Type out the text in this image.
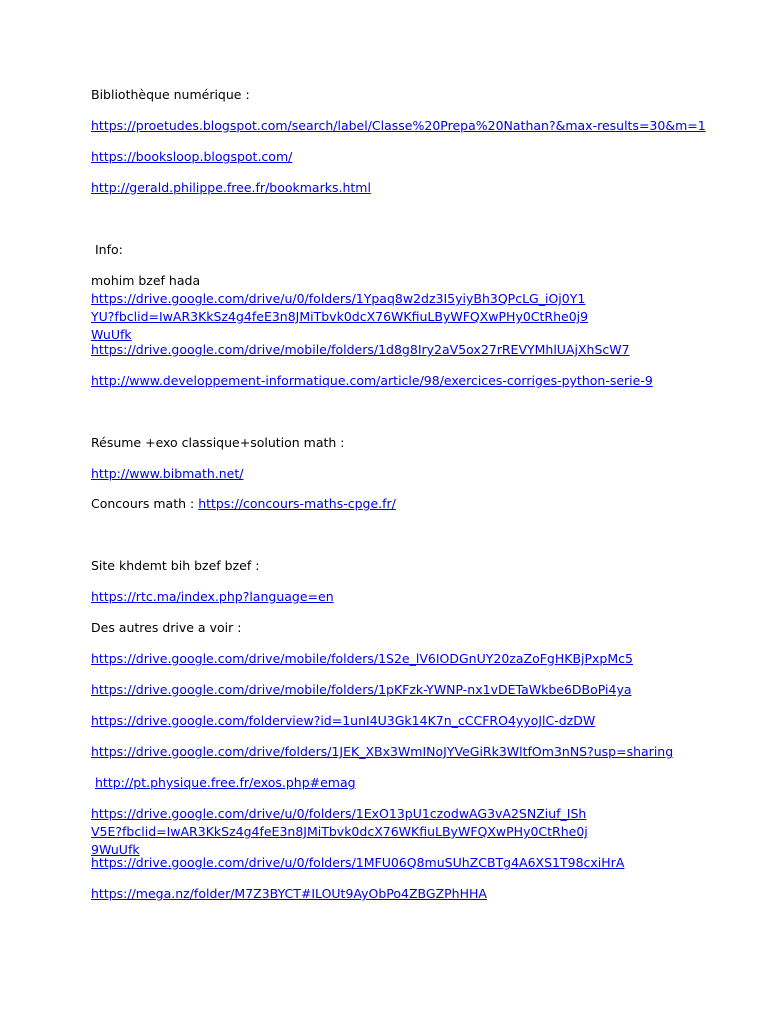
Bibliothèque numérique :
https://proetudes.blogspot.com/search/label/Classe%20Prepa%20Nathan?&max-results=30&m=1
https://booksloop.blogspot.com/
http://gerald.philippe.free.fr/bookmarks.html
Info:
mohim bzef hada
https://drive.google.com/drive/u/0/folders/1Ypaq8w2dz3I5yiyBh3QPcLG_iOj0Y1YU?fbclid=IwAR3KkSz4g4feE3n8JMiTbvk0dcX76WKfiuLByWFQXwPHy0CtRhe0j9WuUfk
https://drive.google.com/drive/mobile/folders/1d8g8Iry2aV5ox27rREVYMhlUAjXhScW7
http://www.developpement-informatique.com/article/98/exercices-corriges-python-serie-9
Résume +exo classique+solution math :
http://www.bibmath.net/
Concours math : https://concours-maths-cpge.fr/
Site khdemt bih bzef bzef :
https://rtc.ma/index.php?language=en
Des autres drive a voir :
https://drive.google.com/drive/mobile/folders/1S2e_lV6IODGnUY20zaZoFgHKBjPxpMc5
https://drive.google.com/drive/mobile/folders/1pKFzk-YWNP-nx1vDETaWkbe6DBoPi4ya
https://drive.google.com/folderview?id=1unI4U3Gk14K7n_cCCFRO4yyoJlC-dzDW
https://drive.google.com/drive/folders/1JEK_XBx3WmINoJYVeGiRk3WltfOm3nNS?usp=sharing
http://pt.physique.free.fr/exos.php#emag
https://drive.google.com/drive/u/0/folders/1ExO13pU1czodwAG3vA2SNZiuf_IShV5E?fbclid=IwAR3KkSz4g4feE3n8JMiTbvk0dcX76WKfiuLByWFQXwPHy0CtRhe0j9WuUfk
https://drive.google.com/drive/u/0/folders/1MFU06Q8muSUhZCBTg4A6XS1T98cxiHrA
https://mega.nz/folder/M7Z3BYCT#ILOUt9AyObPo4ZBGZPhHHA
